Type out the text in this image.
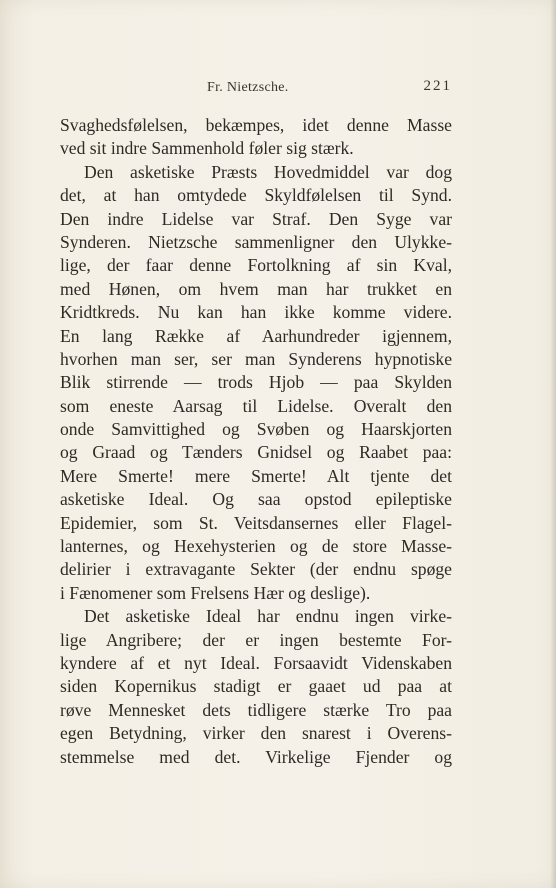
Fr. Nietzsche.	221
Svaghedsfølelsen, bekæmpes, idet denne Masse
ved sit indre Sammenhold føler sig stærk.
Den asketiske Præsts Hovedmiddel var dog
det, at han omtydede Skyldfølelsen til Synd.
Den indre Lidelse var Straf. Den Syge var
Synderen. Nietzsche sammenligner den Ulykke-
lige, der faar denne Fortolkning af sin Kval,
med Hønen, om hvem man har trukket en
Kridtkreds. Nu kan han ikke komme videre.
En lang Række af Aarhundreder igjennem,
hvorhen man ser, ser man Synderens hypnotiske
Blik stirrende — trods Hjob — paa Skylden
som eneste Aarsag til Lidelse. Overalt den
onde Samvittighed og Svøben og Haarskjorten
og Graad og Tænders Gnidsel og Raabet paa:
Mere Smerte! mere Smerte! Alt tjente det
asketiske Ideal. Og saa opstod epileptiske
Epidemier, som St. Veitsdansernes eller Flagel-
lanternes, og Hexehysterien og de store Masse-
delirier i extravagante Sekter (der endnu spøge
i Fænomener som Frelsens Hær og deslige).
Det asketiske Ideal har endnu ingen virke-
lige Angribere; der er ingen bestemte For-
kyndere af et nyt Ideal. Forsaavidt Videnskaben
siden Kopernikus stadigt er gaaet ud paa at
røve Mennesket dets tidligere stærke Tro paa
egen Betydning, virker den snarest i Overens-
stemmelse med det. Virkelige Fjender og
